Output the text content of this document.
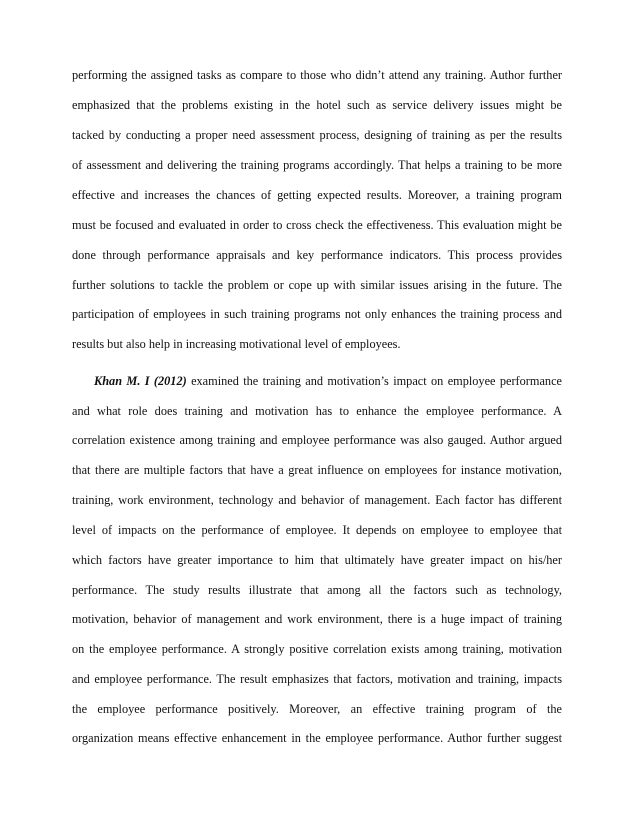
performing the assigned tasks as compare to those who didn’t attend any training. Author further
emphasized that the problems existing in the hotel such as service delivery issues might be
tacked by conducting a proper need assessment process, designing of training as per the results
of assessment and delivering the training programs accordingly. That helps a training to be more
effective and increases the chances of getting expected results. Moreover, a training program
must be focused and evaluated in order to cross check the effectiveness. This evaluation might be
done through performance appraisals and key performance indicators. This process provides
further solutions to tackle the problem or cope up with similar issues arising in the future. The
participation of employees in such training programs not only enhances the training process and
results but also help in increasing motivational level of employees.
Khan M. I (2012) examined the training and motivation’s impact on employee performance
and what role does training and motivation has to enhance the employee performance. A
correlation existence among training and employee performance was also gauged. Author argued
that there are multiple factors that have a great influence on employees for instance motivation,
training, work environment, technology and behavior of management. Each factor has different
level of impacts on the performance of employee. It depends on employee to employee that
which factors have greater importance to him that ultimately have greater impact on his/her
performance. The study results illustrate that among all the factors such as technology,
motivation, behavior of management and work environment, there is a huge impact of training
on the employee performance. A strongly positive correlation exists among training, motivation
and employee performance. The result emphasizes that factors, motivation and training, impacts
the employee performance positively. Moreover, an effective training program of the
organization means effective enhancement in the employee performance. Author further suggest
